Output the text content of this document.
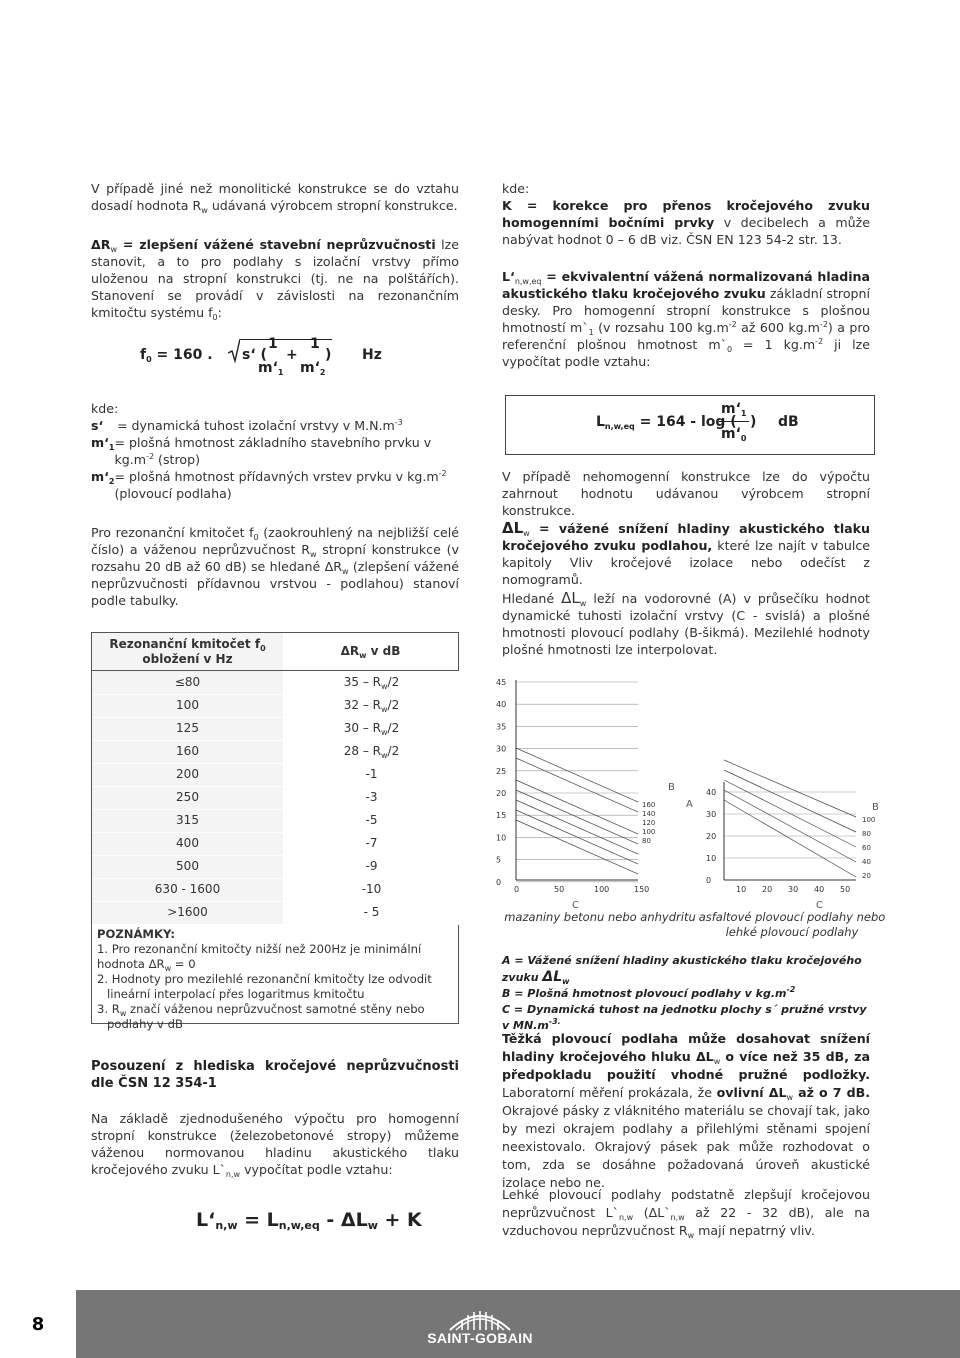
V případě jiné než monolitické konstrukce se do vztahu dosadí hodnota $R_w$ udávaná výrobcem stropní konstrukce.

$\Delta R_w$ = zlepšení vážené stavební neprůzvučnosti lze stanovit, a to pro podlahy s izolační vrstvy přímo uloženou na stropní konstrukci (tj. ne na polštářích). Stanovení se provádí v závislosti na rezonančním kmitočtu systému $f_0$:

$f_0 = 160$ . s‘ (
1
$m‘_1$
+
1
$m‘_2$
) Hz

kde:

s‘	= dynamická tuhost izolační vrstvy v $M.N.m^{-3}$
$m‘_1$ = plošná hmotnost základního stavebního prvku v $kg.m^{-2}$ (strop)
$m‘_2$ = plošná hmotnost přídavných vrstev prvku v $kg.m^{-2}$ (plovoucí podlaha)

Pro rezonanční kmitočet $f_0$ (zaokrouhlený na nejbližší celé číslo) a váženou neprůzvučnost $R_w$ stropní konstrukce (v rozsahu 20 dB až 60 dB) se hledané $\Delta R_w$ (zlepšení vážené neprůzvučnosti přídavnou vrstvou - podlahou) stanoví podle tabulky.

Rezonanční kmitočet $f_0$
obložení v Hz
$\Delta R_w$ v dB
≤80	$35 - R_w/2$
100	$32 - R_w/2$
125	$30 - R_w/2$
160	$28 - R_w/2$
200	-1
250	-3
315	-5
400	-7
500	-9
630 - 1600	-10
>1600	- 5
POZNÁMKY:
1. Pro rezonanční kmitočty nižší než 200Hz je minimální hodnota $\Delta R_w = 0$
2. Hodnoty pro mezilehlé rezonanční kmitočty lze odvodit lineární interpolací přes logaritmus kmitočtu
3. $R_w$ značí váženou neprůzvučnost samotné stěny nebo podlahy v dB

Posouzení z hlediska kročejové neprůzvučnosti dle ČSN 12 354-1

Na základě zjednodušeného výpočtu pro homogenní stropní konstrukce (železobetonové stropy) můžeme váženou normovanou hladinu akustického tlaku kročejového zvuku $L`_{n,w}$ vypočítat podle vztahu:

$L‘_{n,w} = L_{n,w,eq} - \Delta L_w + K$

kde:

K = korekce pro přenos kročejového zvuku homogenními bočními prvky v decibelech a může nabývat hodnot 0 – 6 dB viz. ČSN EN 123 54-2 str. 13.

$L‘_{n,w,eq}$ = ekvivalentní vážená normalizovaná hladina akustického tlaku kročejového zvuku základní stropní desky. Pro homogenní stropní konstrukce s plošnou hmotností $m`_1$ (v rozsahu 100 $kg.m^{-2}$ až 600 $kg.m^{-2}$) a pro referenční plošnou hmotnost $m`_0 = 1$ $kg.m^{-2}$ ji lze vypočítat podle vztahu:

$L_{n,w,eq} = 164 - \log$ (
$m‘_1$
$m‘_0$
) dB

V případě nehomogenní konstrukce lze do výpočtu zahrnout hodnotu udávanou výrobcem stropní konstrukce.

$\Delta L_w$ = vážené snížení hladiny akustického tlaku kročejového zvuku podlahou, které lze najít v tabulce kapitoly Vliv kročejové izolace nebo odečíst z nomogramů.

Hledané $\Delta L_w$ leží na vodorovné (A) v průsečíku hodnot dynamické tuhosti izolační vrstvy (C - svislá) a plošné hmotnosti plovoucí podlahy (B-šikmá). Mezilehlé hodnoty plošné hmotnosti lze interpolovat.

45
40
35
30
25
20
15
10
5
0
160
140
120
100
80
0	50	100	150
B
C
mazaniny betonu nebo anhydritu
A
40
30
20
10
0
100
80
60
40
20
10 20 30 40 50
B
C
asfaltové plovoucí podlahy nebo lehké plovoucí podlahy
A = Vážené snížení hladiny akustického tlaku kročejového zvuku $\Delta L_w$
B = Plošná hmotnost plovoucí podlahy v $kg.m^{-2}$
C = Dynamická tuhost na jednotku plochy s´ pružné vrstvy v $MN.m^{-3.}$

Těžká plovoucí podlaha může dosahovat snížení hladiny kročejového hluku $\Delta L_w$ o více než 35 dB, za předpokladu použití vhodné pružné podložky. Laboratorní měření prokázala, že ovlivní $\Delta L_w$ až o 7 dB. Okrajové pásky z vláknitého materiálu se chovají tak, jako by mezi okrajem podlahy a přilehlými stěnami spojení neexistovalo. Okrajový pásek pak může rozhodovat o tom, zda se dosáhne požadovaná úroveň akustické izolace nebo ne.

Lehké plovoucí podlahy podstatně zlepšují kročejovou neprůzvučnost $L`_{n,w}$ ($\Delta L`_{n,w}$ až 22 - 32 dB), ale na vzduchovou neprůzvučnost $R_w$ mají nepatrný vliv.

8
SAINT-GOBAIN
